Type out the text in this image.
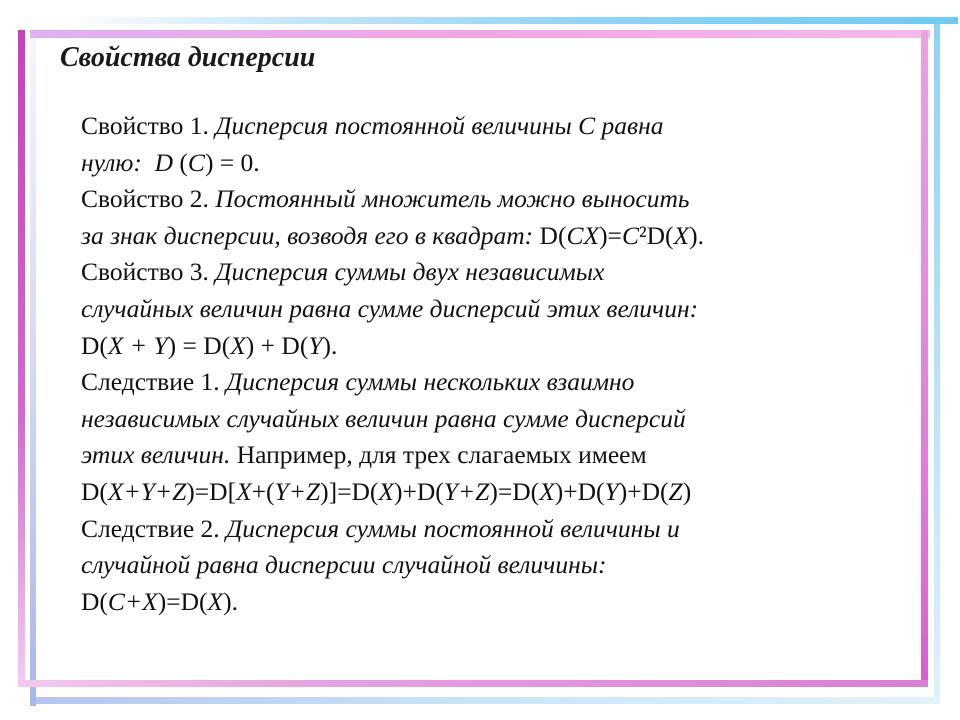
Свойства дисперсии
Свойство 1. Дисперсия постоянной величины С равна
нулю: D (C) = 0.
Свойство 2. Постоянный множитель можно выносить
за знак дисперсии, возводя его в квадрат: D(CX)=C²D(X).
Свойство 3. Дисперсия суммы двух независимых
случайных величин равна сумме дисперсий этих величин:
D(X + Y) = D(X) + D(Y).
Следствие 1. Дисперсия суммы нескольких взаимно
независимых случайных величин равна сумме дисперсий
этих величин. Например, для трех слагаемых имеем
D(X+Y+Z)=D[X+(Y+Z)]=D(X)+D(Y+Z)=D(X)+D(Y)+D(Z)
Следствие 2. Дисперсия суммы постоянной величины и
случайной равна дисперсии случайной величины:
D(C+X)=D(X).
